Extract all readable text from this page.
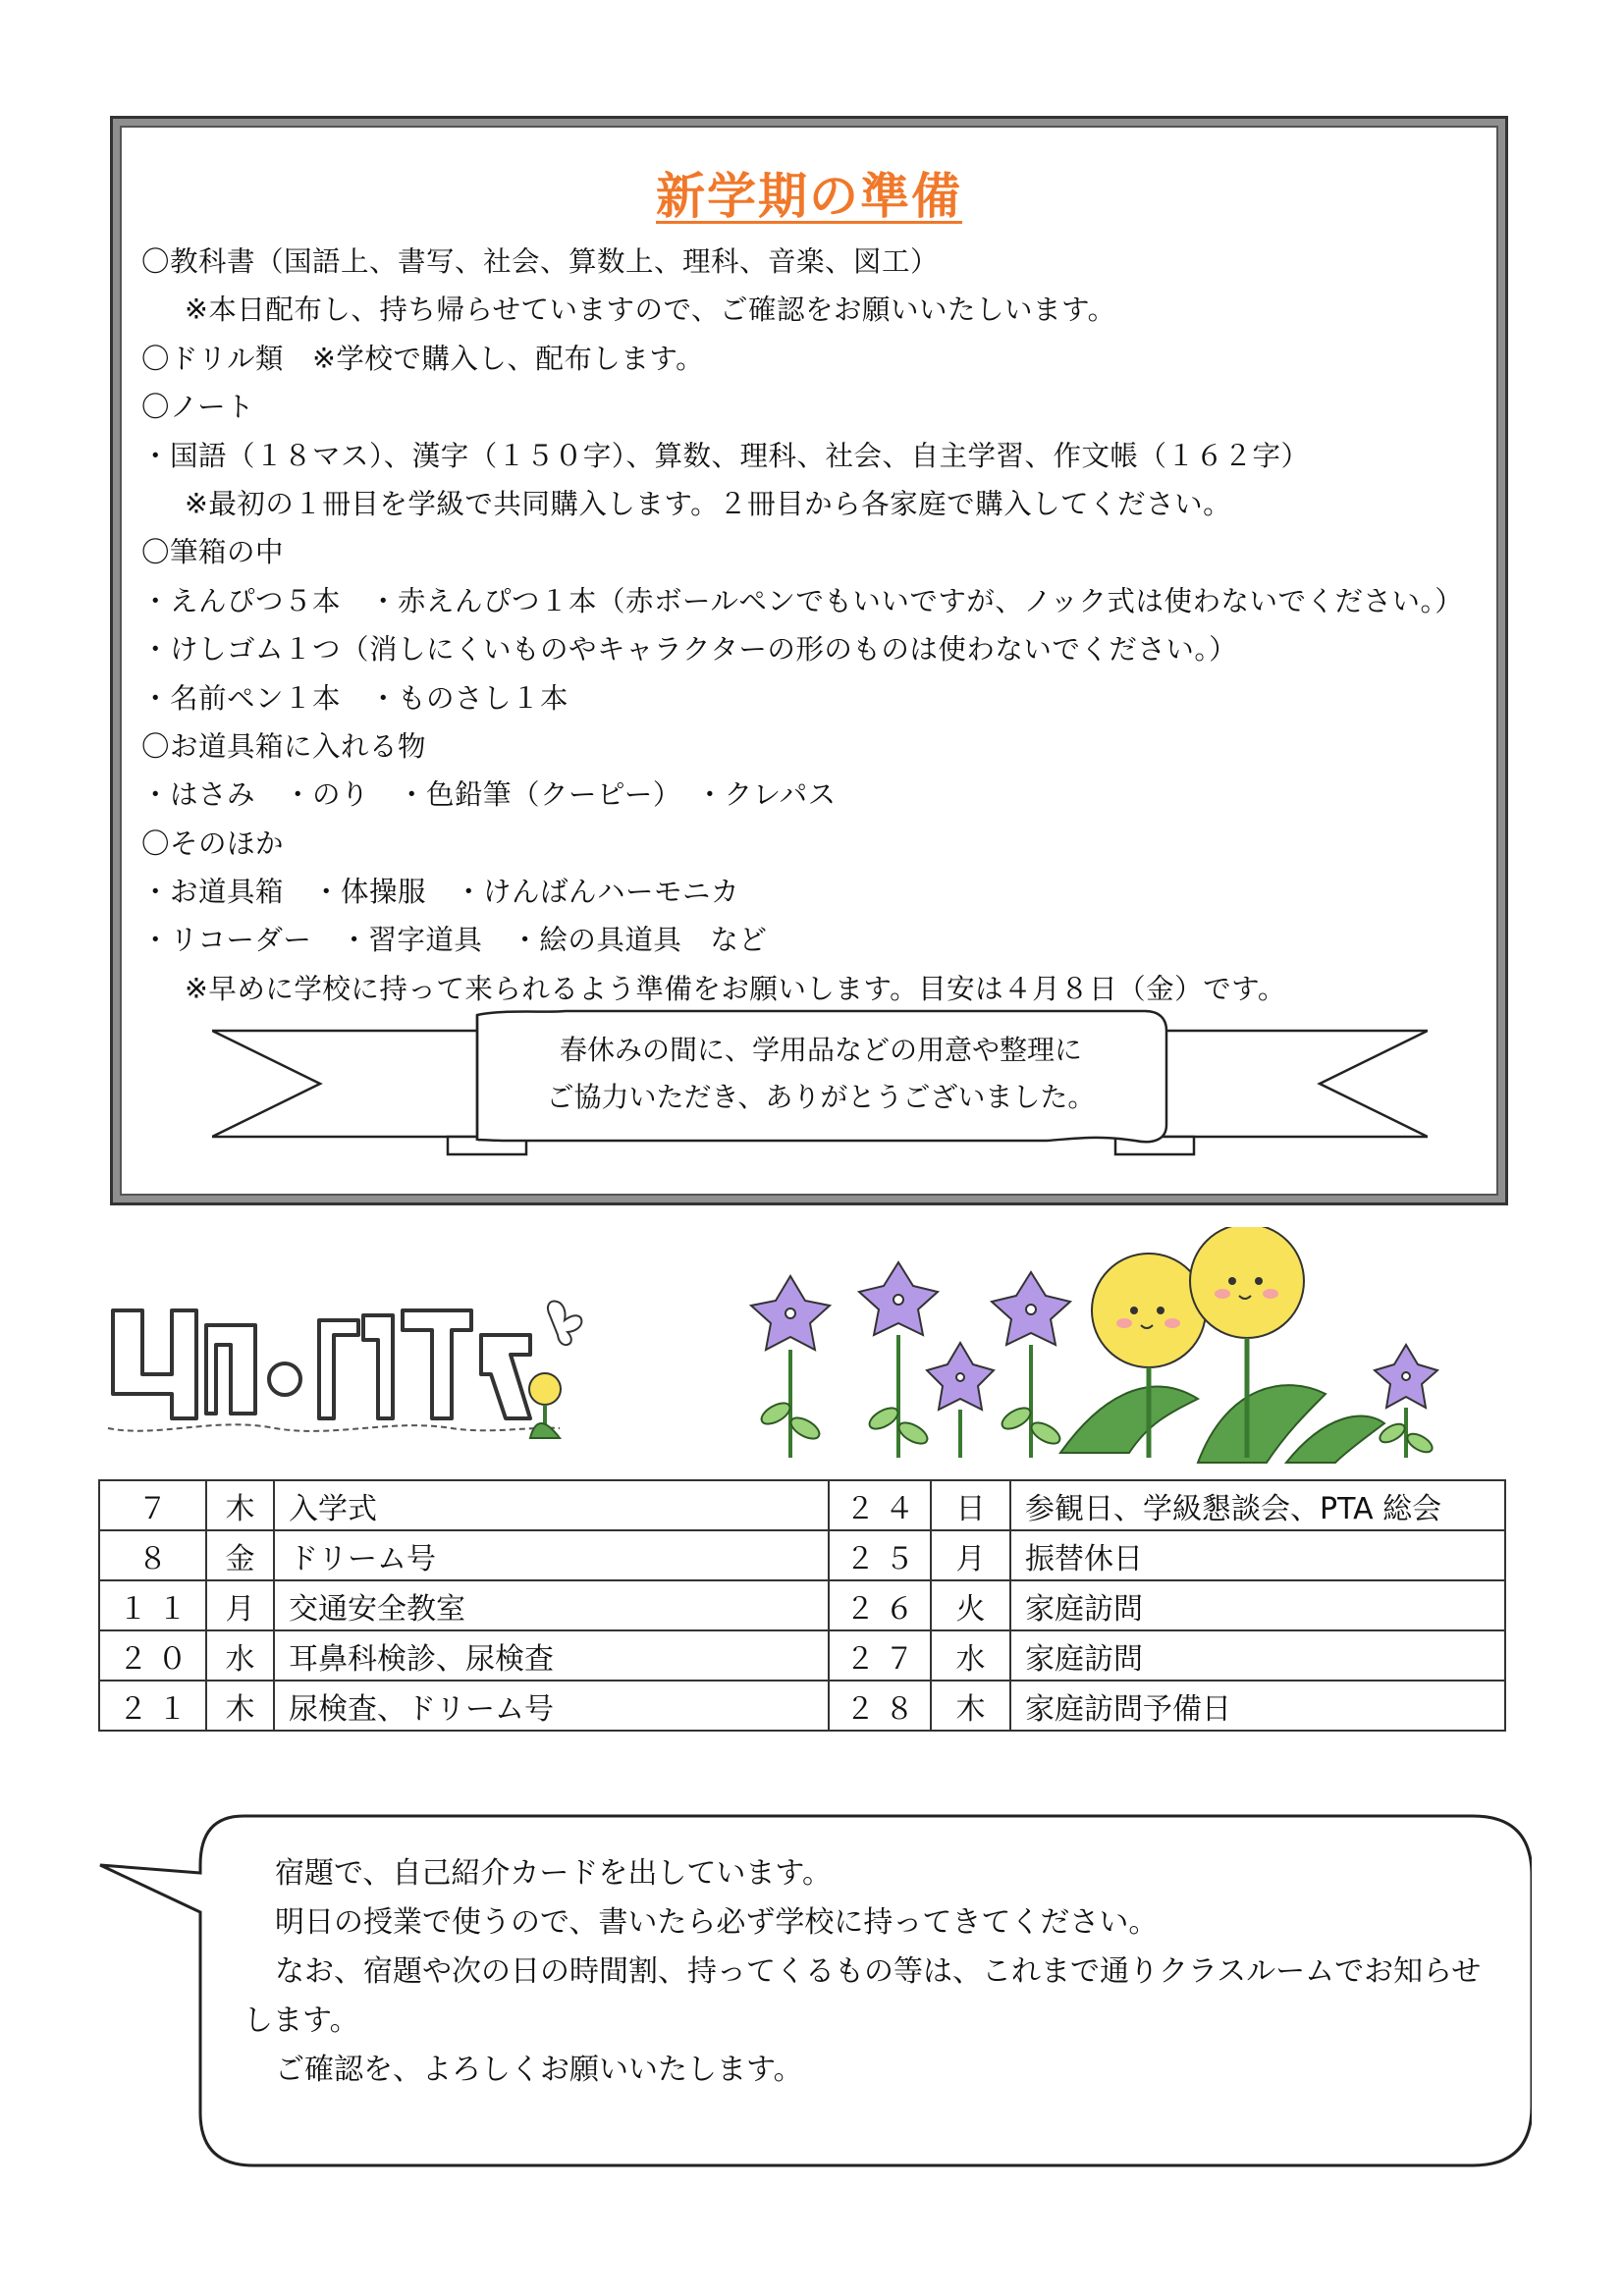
新学期の準備
〇教科書（国語上、書写、社会、算数上、理科、音楽、図工）
※本日配布し、持ち帰らせていますので、ご確認をお願いいたしいます。
〇ドリル類　※学校で購入し、配布します。
〇ノート
・国語（１８マス）、漢字（１５０字）、算数、理科、社会、自主学習、作文帳（１６２字）
※最初の１冊目を学級で共同購入します。２冊目から各家庭で購入してください。
〇筆箱の中
・えんぴつ５本　・赤えんぴつ１本（赤ボールペンでもいいですが、ノック式は使わないでください。）
・けしゴム１つ（消しにくいものやキャラクターの形のものは使わないでください。）
・名前ペン１本　・ものさし１本
〇お道具箱に入れる物
・はさみ　・のり　・色鉛筆（クーピー）　・クレパス
〇そのほか
・お道具箱　・体操服　・けんばんハーモニカ
・リコーダー　・習字道具　・絵の具道具　など
※早めに学校に持って来られるよう準備をお願いします。目安は４月８日（金）です。
春休みの間に、学用品などの用意や整理に
ご協力いただき、ありがとうございました。
７	木	入学式	２４	日	参観日、学級懇談会、PTA 総会
８	金	ドリーム号	２５	月	振替休日
１１	月	交通安全教室	２６	火	家庭訪問
２０	水	耳鼻科検診、尿検査	２７	水	家庭訪問
２１	木	尿検査、ドリーム号	２８	木	家庭訪問予備日

宿題で、自己紹介カードを出しています。

明日の授業で使うので、書いたら必ず学校に持ってきてください。

なお、宿題や次の日の時間割、持ってくるもの等は、これまで通りクラスルームでお知らせします。

ご確認を、よろしくお願いいたします。
